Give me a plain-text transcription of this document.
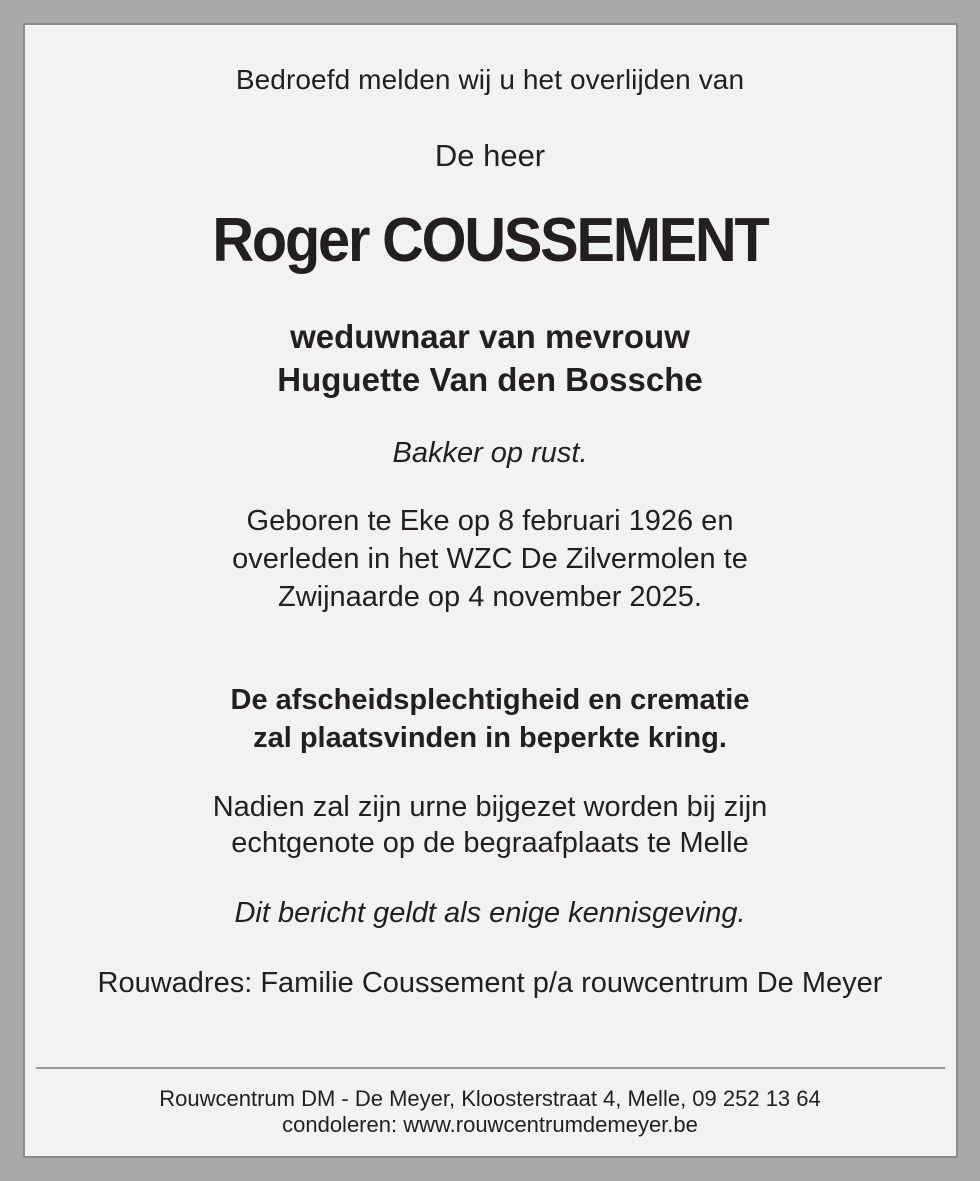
Bedroefd melden wij u het overlijden van
De heer
Roger COUSSEMENT
weduwnaar van mevrouw
Huguette Van den Bossche
Bakker op rust.
Geboren te Eke op 8 februari 1926 en
overleden in het WZC De Zilvermolen te
Zwijnaarde op 4 november 2025.
De afscheidsplechtigheid en crematie
zal plaatsvinden in beperkte kring.
Nadien zal zijn urne bijgezet worden bij zijn
echtgenote op de begraafplaats te Melle
Dit bericht geldt als enige kennisgeving.
Rouwadres: Familie Coussement p/a rouwcentrum De Meyer
Rouwcentrum DM - De Meyer, Kloosterstraat 4, Melle, 09 252 13 64
condoleren: www.rouwcentrumdemeyer.be
